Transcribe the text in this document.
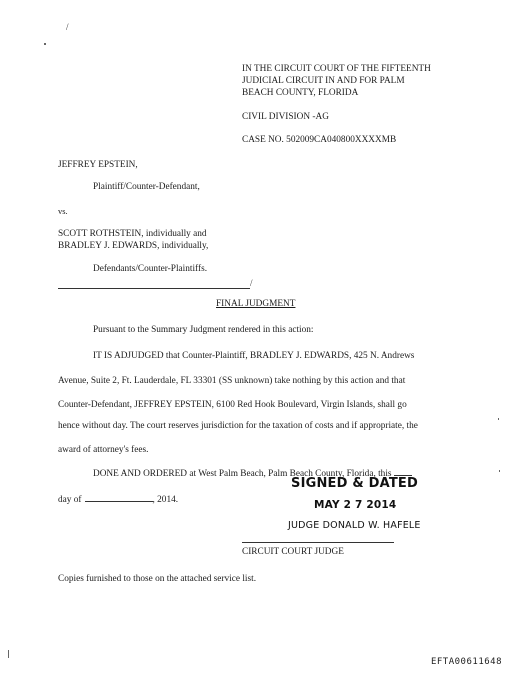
/
IN THE CIRCUIT COURT OF THE FIFTEENTH
JUDICIAL CIRCUIT IN AND FOR PALM
BEACH COUNTY, FLORIDA
CIVIL DIVISION -AG
CASE NO. 502009CA040800XXXXMB
JEFFREY EPSTEIN,
Plaintiff/Counter-Defendant,
vs.
SCOTT ROTHSTEIN, individually and
BRADLEY J. EDWARDS, individually,
Defendants/Counter-Plaintiffs.
/
FINAL JUDGMENT
Pursuant to the Summary Judgment rendered in this action:
IT IS ADJUDGED that Counter-Plaintiff, BRADLEY J. EDWARDS, 425 N. Andrews
Avenue, Suite 2, Ft. Lauderdale, FL 33301 (SS unknown) take nothing by this action and that
Counter-Defendant, JEFFREY EPSTEIN, 6100 Red Hook Boulevard, Virgin Islands, shall go
hence without day. The court reserves jurisdiction for the taxation of costs and if appropriate, the
award of attorney's fees.
DONE AND ORDERED at West Palm Beach, Palm Beach County, Florida, this
day of	, 2014.
SIGNED & DATED
MAY 2 7 2014
JUDGE DONALD W. HAFELE
CIRCUIT COURT JUDGE
Copies furnished to those on the attached service list.
EFTA00611648
